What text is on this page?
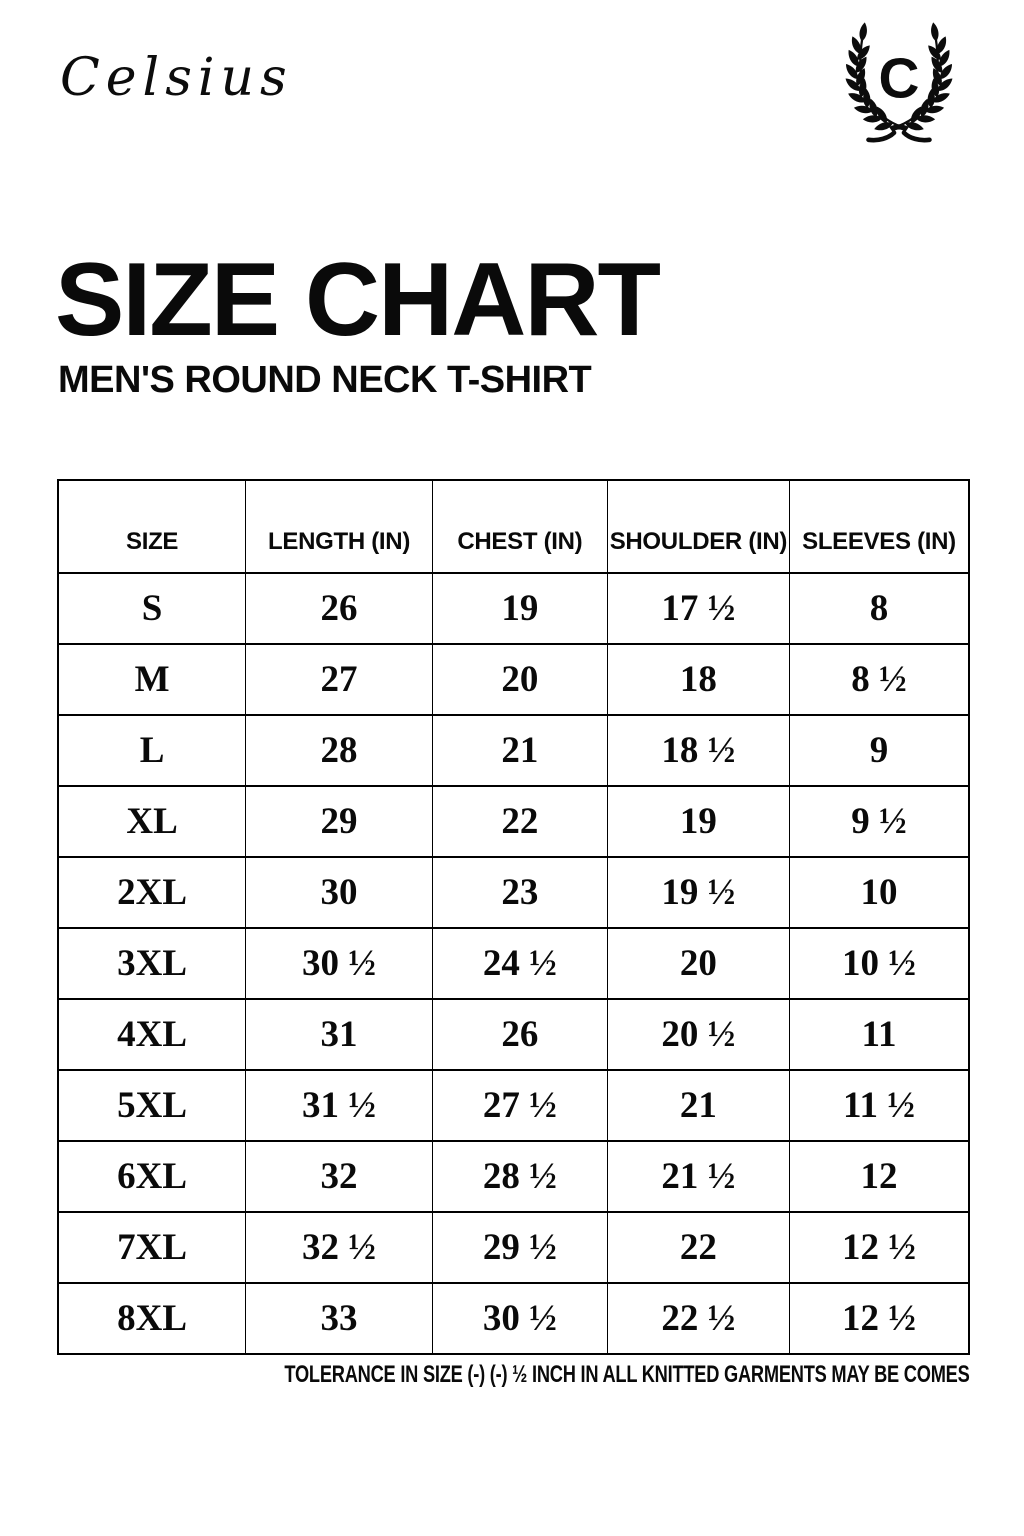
Celsius	C
SIZE CHART
MEN'S ROUND NECK T-SHIRT
SIZE	LENGTH (IN)	CHEST (IN)	SHOULDER (IN)	SLEEVES (IN)
S	26	19	17 ½	8
M	27	20	18	8 ½
L	28	21	18 ½	9
XL	29	22	19	9 ½
2XL	30	23	19 ½	10
3XL	30 ½	24 ½	20	10 ½
4XL	31	26	20 ½	11
5XL	31 ½	27 ½	21	11 ½
6XL	32	28 ½	21 ½	12
7XL	32 ½	29 ½	22	12 ½
8XL	33	30 ½	22 ½	12 ½
TOLERANCE IN SIZE (-) (-) ½ INCH IN ALL KNITTED GARMENTS MAY BE COMES
